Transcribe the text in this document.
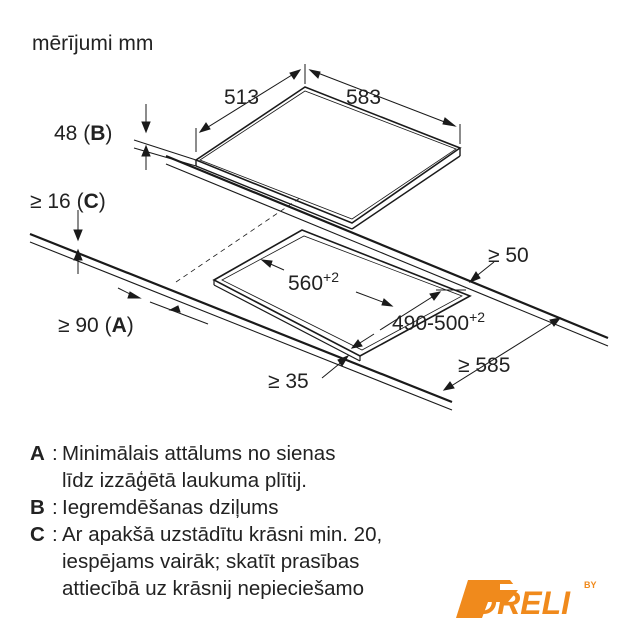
mērījumi mm
513	583
48 (B)
$560^{+2}$
$490-500^{+2}$
≥ 16 (C)
≥ 50
≥ 585
≥ 35
≥ 90 (A)
A : Minimālais attālums no sienas
līdz izzāģētā laukuma plītij.
B : Iegremdēšanas dziļums
C : Ar apakšā uzstādītu krāsni min. 20,
iespējams vairāk; skatīt prasības
attiecībā uz krāsnij nepieciešamo	DRELI BY
